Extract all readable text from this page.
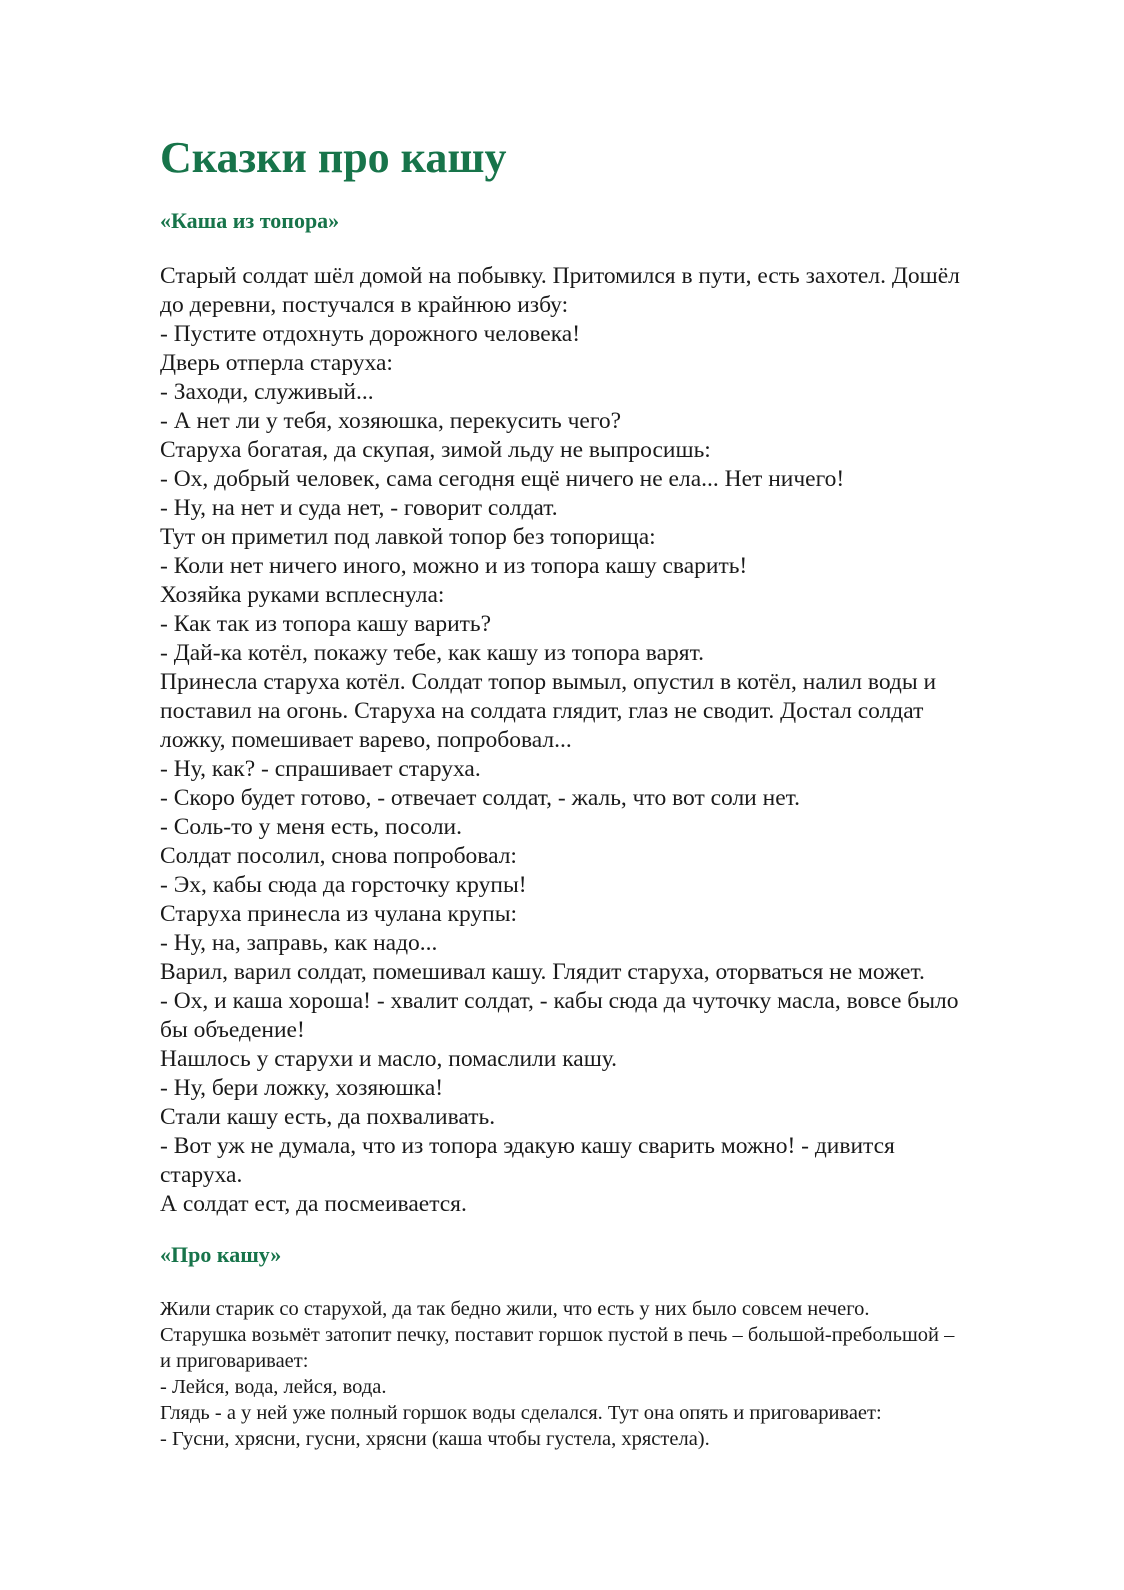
Сказки про кашу
«Каша из топора»
Старый солдат шёл домой на побывку. Притомился в пути, есть захотел. Дошёл
до деревни, постучался в крайнюю избу:
- Пустите отдохнуть дорожного человека!
Дверь отперла старуха:
- Заходи, служивый...
- А нет ли у тебя, хозяюшка, перекусить чего?
Старуха богатая, да скупая, зимой льду не выпросишь:
- Ох, добрый человек, сама сегодня ещё ничего не ела... Нет ничего!
- Ну, на нет и суда нет, - говорит солдат.
Тут он приметил под лавкой топор без топорища:
- Коли нет ничего иного, можно и из топора кашу сварить!
Хозяйка руками всплеснула:
- Как так из топора кашу варить?
- Дай-ка котёл, покажу тебе, как кашу из топора варят.
Принесла старуха котёл. Солдат топор вымыл, опустил в котёл, налил воды и
поставил на огонь. Старуха на солдата глядит, глаз не сводит. Достал солдат
ложку, помешивает варево, попробовал...
- Ну, как? - спрашивает старуха.
- Скоро будет готово, - отвечает солдат, - жаль, что вот соли нет.
- Соль-то у меня есть, посоли.
Солдат посолил, снова попробовал:
- Эх, кабы сюда да горсточку крупы!
Старуха принесла из чулана крупы:
- Ну, на, заправь, как надо...
Варил, варил солдат, помешивал кашу. Глядит старуха, оторваться не может.
- Ох, и каша хороша! - хвалит солдат, - кабы сюда да чуточку масла, вовсе было
бы объедение!
Нашлось у старухи и масло, помаслили кашу.
- Ну, бери ложку, хозяюшка!
Стали кашу есть, да похваливать.
- Вот уж не думала, что из топора эдакую кашу сварить можно! - дивится
старуха.
А солдат ест, да посмеивается.
«Про кашу»
Жили старик со старухой, да так бедно жили, что есть у них было совсем нечего.
Старушка возьмёт затопит печку, поставит горшок пустой в печь – большой-пребольшой –
и приговаривает:
- Лейся, вода, лейся, вода.
Глядь - а у ней уже полный горшок воды сделался. Тут она опять и приговаривает:
- Гусни, хрясни, гусни, хрясни (каша чтобы густела, хрястела).
